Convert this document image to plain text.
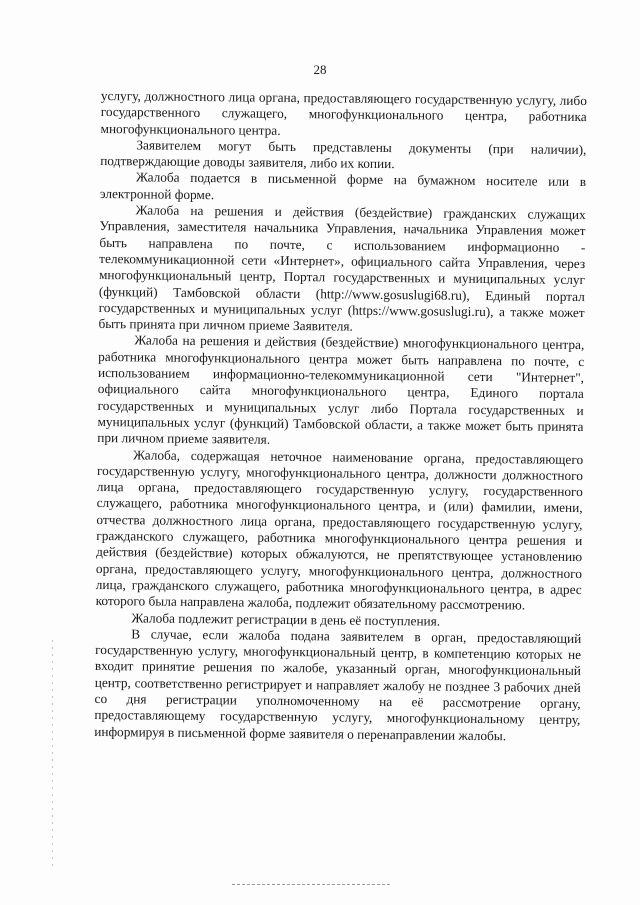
28

услугу, должностного лица органа, предоставляющего государственную услугу, либо государственного служащего, многофункционального центра, работника многофункционального центра.

Заявителем могут быть представлены документы (при наличии), подтверждающие доводы заявителя, либо их копии.

Жалоба подается в письменной форме на бумажном носителе или в электронной форме.

Жалоба на решения и действия (бездействие) гражданских служащих Управления, заместителя начальника Управления, начальника Управления может быть направлена по почте, с использованием информационно - телекоммуникационной сети «Интернет», официального сайта Управления, через многофункциональный центр, Портал государственных и муниципальных услуг (функций) Тамбовской области (http://www.gosuslugi68.ru), Единый портал государственных и муниципальных услуг (https://www.gosuslugi.ru), а также может быть принята при личном приеме Заявителя.

Жалоба на решения и действия (бездействие) многофункционального центра, работника многофункционального центра может быть направлена по почте, с использованием информационно-телекоммуникационной сети "Интернет", официального сайта многофункционального центра, Единого портала государственных и муниципальных услуг либо Портала государственных и муниципальных услуг (функций) Тамбовской области, а также может быть принята при личном приеме заявителя.

Жалоба, содержащая неточное наименование органа, предоставляющего государственную услугу, многофункционального центра, должности должностного лица органа, предоставляющего государственную услугу, государственного служащего, работника многофункционального центра, и (или) фамилии, имени, отчества должностного лица органа, предоставляющего государственную услугу, гражданского служащего, работника многофункционального центра решения и действия (бездействие) которых обжалуются, не препятствующее установлению органа, предоставляющего услугу, многофункционального центра, должностного лица, гражданского служащего, работника многофункционального центра, в адрес которого была направлена жалоба, подлежит обязательному рассмотрению.

Жалоба подлежит регистрации в день её поступления.

В случае, если жалоба подана заявителем в орган, предоставляющий государственную услугу, многофункциональный центр, в компетенцию которых не входит принятие решения по жалобе, указанный орган, многофункциональный центр, соответственно регистрирует и направляет жалобу не позднее 3 рабочих дней со дня регистрации уполномоченному на её рассмотрение органу, предоставляющему государственную услугу, многофункциональному центру, информируя в письменной форме заявителя о перенаправлении жалобы.
